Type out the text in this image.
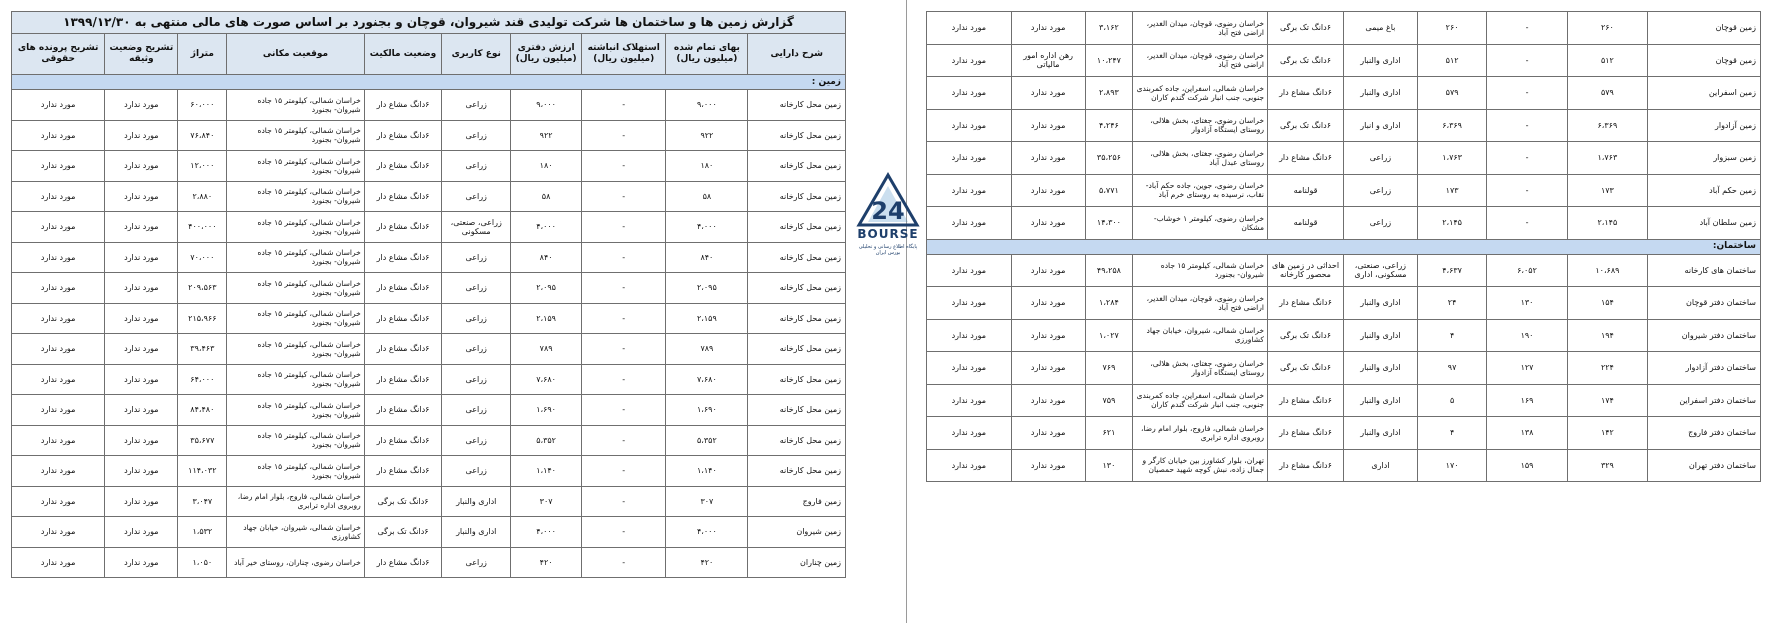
گزارش زمین ها و ساختمان ها شرکت تولیدی قند شیروان، قوچان و بجنورد بر اساس صورت های مالی منتهی به ۱۳۹۹/۱۲/۳۰									
شرح دارایی	بهای تمام شده (میلیون ریال)	استهلاک انباشته (میلیون ریال)	ارزش دفتری (میلیون ریال)	نوع کاربری	وضعیت مالکیت	موقعیت مکانی	متراژ	تشریح وضعیت وثیقه	تشریح پرونده های حقوقی
زمین :									
زمین محل کارخانه	۹،۰۰۰	-	۹،۰۰۰	زراعی	۶دانگ مشاع دار	خراسان شمالی، کیلومتر ۱۵ جاده شیروان- بجنورد	۶۰،۰۰۰	مورد ندارد	مورد ندارد
زمین محل کارخانه	۹۲۲	-	۹۲۲	زراعی	۶دانگ مشاع دار	خراسان شمالی، کیلومتر ۱۵ جاده شیروان- بجنورد	۷۶،۸۴۰	مورد ندارد	مورد ندارد
زمین محل کارخانه	۱۸۰	-	۱۸۰	زراعی	۶دانگ مشاع دار	خراسان شمالی، کیلومتر ۱۵ جاده شیروان- بجنورد	۱۲،۰۰۰	مورد ندارد	مورد ندارد
زمین محل کارخانه	۵۸	-	۵۸	زراعی	۶دانگ مشاع دار	خراسان شمالی، کیلومتر ۱۵ جاده شیروان- بجنورد	۲،۸۸۰	مورد ندارد	مورد ندارد
زمین محل کارخانه	۴،۰۰۰	-	۴،۰۰۰	زراعی، صنعتی، مسکونی	۶دانگ مشاع دار	خراسان شمالی، کیلومتر ۱۵ جاده شیروان- بجنورد	۴۰۰،۰۰۰	مورد ندارد	مورد ندارد
زمین محل کارخانه	۸۴۰	-	۸۴۰	زراعی	۶دانگ مشاع دار	خراسان شمالی، کیلومتر ۱۵ جاده شیروان- بجنورد	۷۰،۰۰۰	مورد ندارد	مورد ندارد
زمین محل کارخانه	۲،۰۹۵	-	۲،۰۹۵	زراعی	۶دانگ مشاع دار	خراسان شمالی، کیلومتر ۱۵ جاده شیروان- بجنورد	۲۰۹،۵۶۳	مورد ندارد	مورد ندارد
زمین محل کارخانه	۲،۱۵۹	-	۲،۱۵۹	زراعی	۶دانگ مشاع دار	خراسان شمالی، کیلومتر ۱۵ جاده شیروان- بجنورد	۲۱۵،۹۶۶	مورد ندارد	مورد ندارد
زمین محل کارخانه	۷۸۹	-	۷۸۹	زراعی	۶دانگ مشاع دار	خراسان شمالی، کیلومتر ۱۵ جاده شیروان- بجنورد	۳۹،۴۶۳	مورد ندارد	مورد ندارد
زمین محل کارخانه	۷،۶۸۰	-	۷،۶۸۰	زراعی	۶دانگ مشاع دار	خراسان شمالی، کیلومتر ۱۵ جاده شیروان- بجنورد	۶۴،۰۰۰	مورد ندارد	مورد ندارد
زمین محل کارخانه	۱،۶۹۰	-	۱،۶۹۰	زراعی	۶دانگ مشاع دار	خراسان شمالی، کیلومتر ۱۵ جاده شیروان- بجنورد	۸۴،۴۸۰	مورد ندارد	مورد ندارد
زمین محل کارخانه	۵،۳۵۲	-	۵،۳۵۲	زراعی	۶دانگ مشاع دار	خراسان شمالی، کیلومتر ۱۵ جاده شیروان- بجنورد	۳۵،۶۷۷	مورد ندارد	مورد ندارد
زمین محل کارخانه	۱،۱۴۰	-	۱،۱۴۰	زراعی	۶دانگ مشاع دار	خراسان شمالی، کیلومتر ۱۵ جاده شیروان- بجنورد	۱۱۴،۰۳۲	مورد ندارد	مورد ندارد
زمین فاروج	۳۰۷	-	۳۰۷	اداری والنبار	۶دانگ تک برگی	خراسان شمالی، فاروج، بلوار امام رضا، روبروی اداره ترابری	۳،۰۴۷	مورد ندارد	مورد ندارد
زمین شیروان	۴،۰۰۰	-	۴،۰۰۰	اداری والنبار	۶دانگ تک برگی	خراسان شمالی، شیروان، خیابان جهاد کشاورزی	۱،۵۳۲	مورد ندارد	مورد ندارد
زمین چناران	۴۲۰	-	۴۲۰	زراعی	۶دانگ مشاع دار	خراسان رضوی، چناران، روستای خیر آباد	۱،۰۵۰	مورد ندارد	مورد ندارد
24
BOURSE
پایگاه اطلاع رسانی و تحلیلی بورس ایران
زمین قوچان	۲۶۰	-	۲۶۰	باغ میمی	۶دانگ تک برگی	خراسان رضوی، قوچان، میدان الغدیر، اراضی فتح آباد	۳،۱۶۲	مورد ندارد	مورد ندارد
زمین قوچان	۵۱۲	-	۵۱۲	اداری والنبار	۶دانگ تک برگی	خراسان رضوی، قوچان، میدان الغدیر، اراضی فتح آباد	۱۰،۲۴۷	رهن اداره امور مالیاتی	مورد ندارد
زمین اسفراین	۵۷۹	-	۵۷۹	اداری والنبار	۶دانگ مشاع دار	خراسان شمالی، اسفراین، جاده کمربندی جنوبی، جنب انبار شرکت گندم کاران	۲،۸۹۳	مورد ندارد	مورد ندارد
زمین آزادوار	۶،۳۶۹	-	۶،۳۶۹	اداری و انبار	۶دانگ تک برگی	خراسان رضوی، جغتای، بخش هلالی، روستای ایستگاه آزادوار	۴،۲۴۶	مورد ندارد	مورد ندارد
زمین سبزوار	۱،۷۶۳	-	۱،۷۶۳	زراعی	۶دانگ مشاع دار	خراسان رضوی، جغتای، بخش هلالی، روستای عبدل آباد	۳۵،۲۵۶	مورد ندارد	مورد ندارد
زمین حکم آباد	۱۷۳	-	۱۷۳	زراعی	قولنامه	خراسان رضوی، جوین، جاده حکم آباد- نقاب، نرسیده به روستای خرم آباد	۵،۷۷۱	مورد ندارد	مورد ندارد
زمین سلطان آباد	۲،۱۴۵	-	۲،۱۴۵	زراعی	قولنامه	خراسان رضوی، کیلومتر ۱ خوشاب- مشکان	۱۴،۳۰۰	مورد ندارد	مورد ندارد
ساختمان:									
ساختمان های کارخانه	۱۰،۶۸۹	۶،۰۵۲	۴،۶۳۷	زراعی، صنعتی، مسکونی، اداری	احداثی در زمین های محصور کارخانه	خراسان شمالی، کیلومتر ۱۵ جاده شیروان- بجنورد	۴۹،۲۵۸	مورد ندارد	مورد ندارد
ساختمان دفتر قوچان	۱۵۴	۱۳۰	۲۴	اداری والنبار	۶دانگ مشاع دار	خراسان رضوی، قوچان، میدان الغدیر، اراضی فتح آباد	۱،۲۸۴	مورد ندارد	مورد ندارد
ساختمان دفتر شیروان	۱۹۴	۱۹۰	۴	اداری والنبار	۶دانگ تک برگی	خراسان شمالی، شیروان، خیابان جهاد کشاورزی	۱،۰۲۷	مورد ندارد	مورد ندارد
ساختمان دفتر آزادوار	۲۲۴	۱۲۷	۹۷	اداری والنبار	۶دانگ تک برگی	خراسان رضوی، جغتای، بخش هلالی، روستای ایستگاه آزادوار	۷۶۹	مورد ندارد	مورد ندارد
ساختمان دفتر اسفراین	۱۷۴	۱۶۹	۵	اداری والنبار	۶دانگ مشاع دار	خراسان شمالی، اسفراین، جاده کمربندی جنوبی، جنب انبار شرکت گندم کاران	۷۵۹	مورد ندارد	مورد ندارد
ساختمان دفتر فاروج	۱۴۲	۱۳۸	۴	اداری والنبار	۶دانگ مشاع دار	خراسان شمالی، فاروج، بلوار امام رضا، روبروی اداره ترابری	۶۲۱	مورد ندارد	مورد ندارد
ساختمان دفتر تهران	۳۲۹	۱۵۹	۱۷۰	اداری	۶دانگ مشاع دار	تهران، بلوار کشاورز بین خیابان کارگر و جمال زاده، نبش کوچه شهید حمصیان	۱۳۰	مورد ندارد	مورد ندارد
